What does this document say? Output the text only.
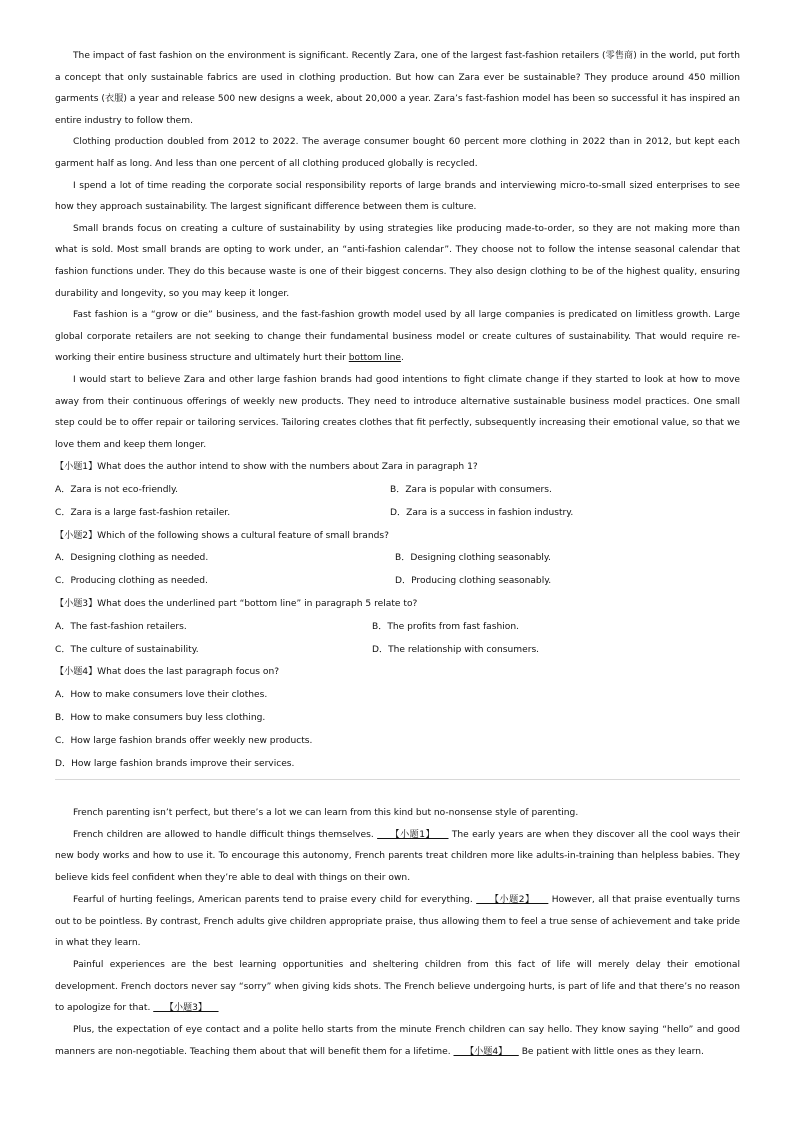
The impact of fast fashion on the environment is significant. Recently Zara, one of the largest fast-fashion retailers (零售商) in the world, put forth a concept that only sustainable fabrics are used in clothing production. But how can Zara ever be sustainable? They produce around 450 million garments (衣服) a year and release 500 new designs a week, about 20,000 a year. Zara’s fast-fashion model has been so successful it has inspired an entire industry to follow them.

Clothing production doubled from 2012 to 2022. The average consumer bought 60 percent more clothing in 2022 than in 2012, but kept each garment half as long. And less than one percent of all clothing produced globally is recycled.

I spend a lot of time reading the corporate social responsibility reports of large brands and interviewing micro-to-small sized enterprises to see how they approach sustainability. The largest significant difference between them is culture.

Small brands focus on creating a culture of sustainability by using strategies like producing made-to-order, so they are not making more than what is sold. Most small brands are opting to work under, an “anti-fashion calendar”. They choose not to follow the intense seasonal calendar that fashion functions under. They do this because waste is one of their biggest concerns. They also design clothing to be of the highest quality, ensuring durability and longevity, so you may keep it longer.

Fast fashion is a “grow or die” business, and the fast-fashion growth model used by all large companies is predicated on limitless growth. Large global corporate retailers are not seeking to change their fundamental business model or create cultures of sustainability. That would require re-working their entire business structure and ultimately hurt their bottom line.

I would start to believe Zara and other large fashion brands had good intentions to fight climate change if they started to look at how to move away from their continuous offerings of weekly new products. They need to introduce alternative sustainable business model practices. One small step could be to offer repair or tailoring services. Tailoring creates clothes that fit perfectly, subsequently increasing their emotional value, so that we love them and keep them longer.

【小题1】What does the author intend to show with the numbers about Zara in paragraph 1?

A．Zara is not eco-friendly.	B．Zara is popular with consumers.
C．Zara is a large fast-fashion retailer.	D．Zara is a success in fashion industry.

【小题2】Which of the following shows a cultural feature of small brands?

A．Designing clothing as needed.	B．Designing clothing seasonably.
C．Producing clothing as needed.	D．Producing clothing seasonably.

【小题3】What does the underlined part “bottom line” in paragraph 5 relate to?

A．The fast-fashion retailers.	B．The profits from fast fashion.
C．The culture of sustainability.	D．The relationship with consumers.

【小题4】What does the last paragraph focus on?

A．How to make consumers love their clothes.

B．How to make consumers buy less clothing.

C．How large fashion brands offer weekly new products.

D．How large fashion brands improve their services.

French parenting isn’t perfect, but there’s a lot we can learn from this kind but no-nonsense style of parenting.

French children are allowed to handle difficult things themselves.     【小题1】     The early years are when they discover all the cool ways their new body works and how to use it. To encourage this autonomy, French parents treat children more like adults-in-training than helpless babies. They believe kids feel confident when they’re able to deal with things on their own.

Fearful of hurting feelings, American parents tend to praise every child for everything.     【小题2】     However, all that praise eventually turns out to be pointless. By contrast, French adults give children appropriate praise, thus allowing them to feel a true sense of achievement and take pride in what they learn.

Painful experiences are the best learning opportunities and sheltering children from this fact of life will merely delay their emotional development. French doctors never say “sorry” when giving kids shots. The French believe undergoing hurts, is part of life and that there’s no reason to apologize for that.     【小题3】

Plus, the expectation of eye contact and a polite hello starts from the minute French children can say hello. They know saying “hello” and good manners are non-negotiable. Teaching them about that will benefit them for a lifetime.     【小题4】     Be patient with little ones as they learn.
